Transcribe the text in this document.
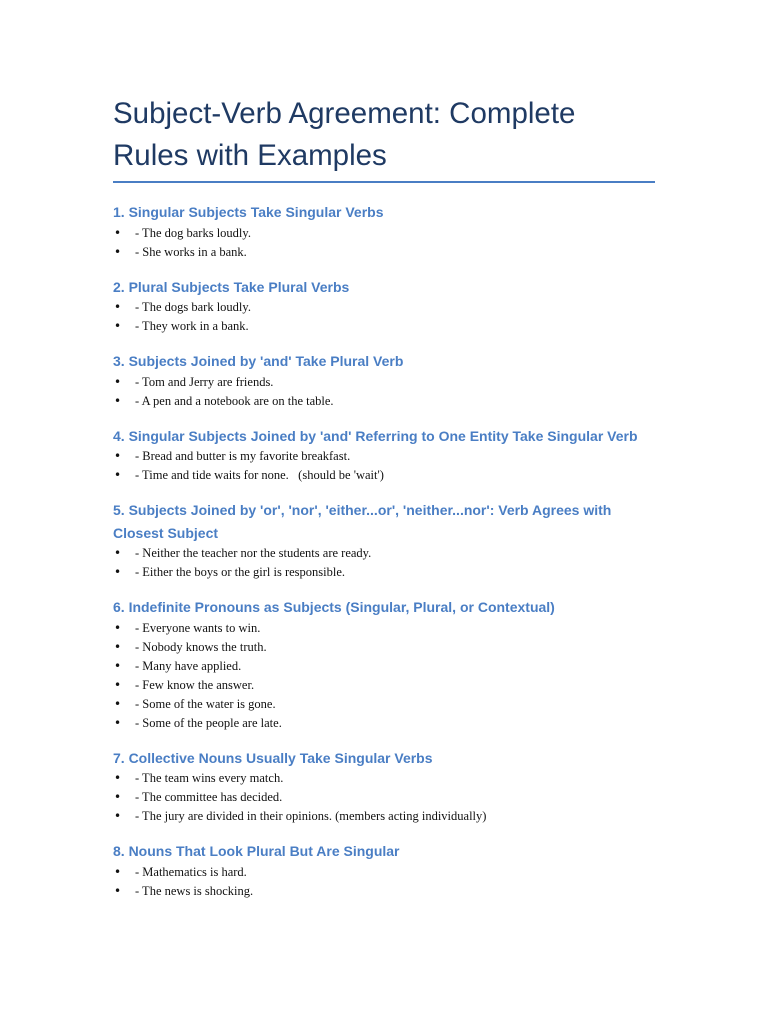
Subject-Verb Agreement: Complete
Rules with Examples
1. Singular Subjects Take Singular Verbs
• - The dog barks loudly.
• - She works in a bank.
2. Plural Subjects Take Plural Verbs
• - The dogs bark loudly.
• - They work in a bank.
3. Subjects Joined by 'and' Take Plural Verb
• - Tom and Jerry are friends.
• - A pen and a notebook are on the table.
4. Singular Subjects Joined by 'and' Referring to One Entity Take Singular Verb
• - Bread and butter is my favorite breakfast.
• - Time and tide waits for none.   (should be 'wait')
5. Subjects Joined by 'or', 'nor', 'either...or', 'neither...nor': Verb Agrees with
Closest Subject
• - Neither the teacher nor the students are ready.
• - Either the boys or the girl is responsible.
6. Indefinite Pronouns as Subjects (Singular, Plural, or Contextual)
• - Everyone wants to win.
• - Nobody knows the truth.
• - Many have applied.
• - Few know the answer.
• - Some of the water is gone.
• - Some of the people are late.
7. Collective Nouns Usually Take Singular Verbs
• - The team wins every match.
• - The committee has decided.
• - The jury are divided in their opinions. (members acting individually)
8. Nouns That Look Plural But Are Singular
• - Mathematics is hard.
• - The news is shocking.
